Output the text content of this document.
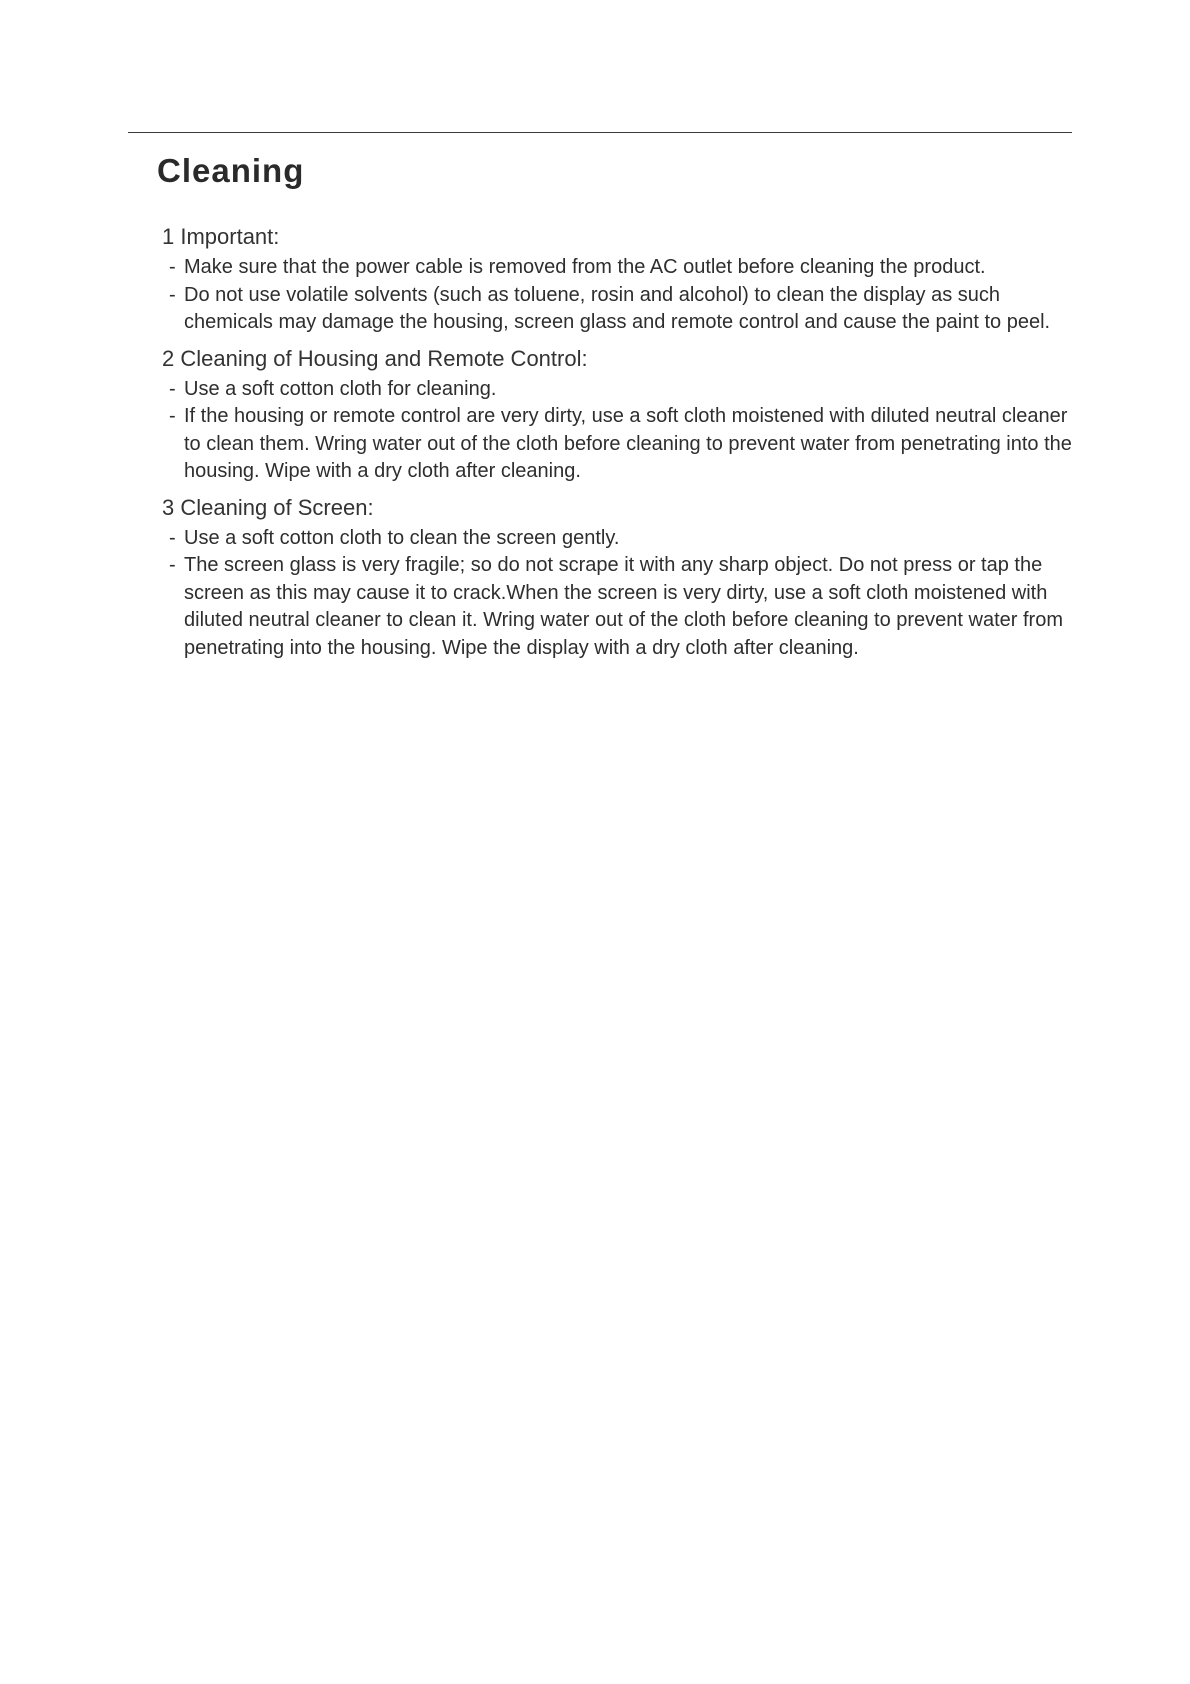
Cleaning
1 Important:
- Make sure that the power cable is removed from the AC outlet before cleaning the product.
- Do not use volatile solvents (such as toluene, rosin and alcohol) to clean the display as such chemicals may damage the housing, screen glass and remote control and cause the paint to peel.
2 Cleaning of Housing and Remote Control:
- Use a soft cotton cloth for cleaning.
- If the housing or remote control are very dirty, use a soft cloth moistened with diluted neutral cleaner to clean them. Wring water out of the cloth before cleaning to prevent water from penetrating into the housing. Wipe with a dry cloth after cleaning.
3 Cleaning of Screen:
- Use a soft cotton cloth to clean the screen gently.
- The screen glass is very fragile; so do not scrape it with any sharp object. Do not press or tap the screen as this may cause it to crack.When the screen is very dirty, use a soft cloth moistened with diluted neutral cleaner to clean it. Wring water out of the cloth before cleaning to prevent water from penetrating into the housing. Wipe the display with a dry cloth after cleaning.
